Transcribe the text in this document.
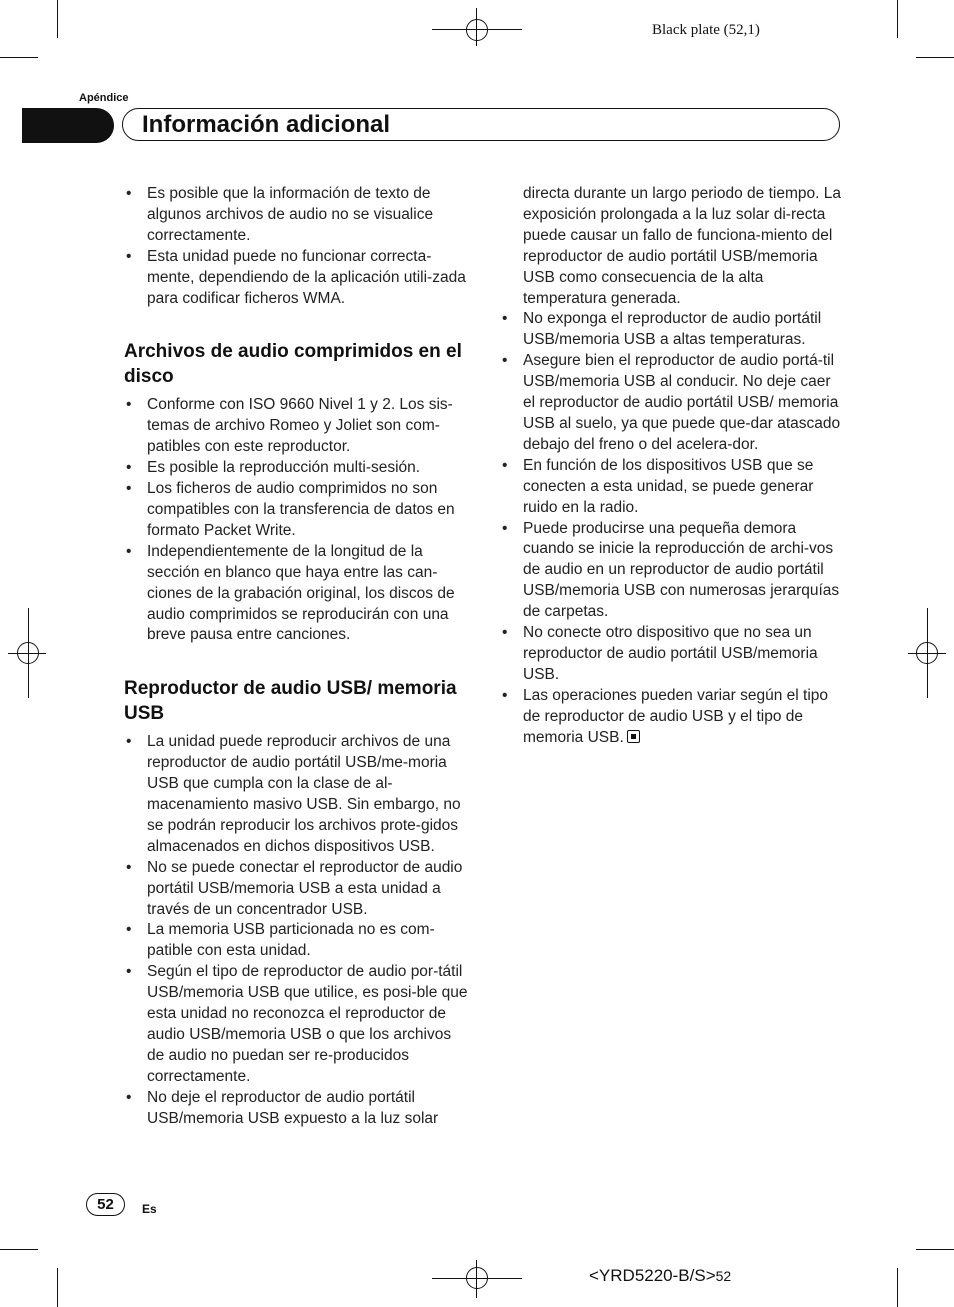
Black plate (52,1)
Apéndice
Información adicional
• Es posible que la información de texto de algunos archivos de audio no se visualice correctamente.
• Esta unidad puede no funcionar correcta-mente, dependiendo de la aplicación utili-zada para codificar ficheros WMA.
Archivos de audio comprimidos en el disco
• Conforme con ISO 9660 Nivel 1 y 2. Los sis-temas de archivo Romeo y Joliet son com-patibles con este reproductor.
• Es posible la reproducción multi-sesión.
• Los ficheros de audio comprimidos no son compatibles con la transferencia de datos en formato Packet Write.
• Independientemente de la longitud de la sección en blanco que haya entre las can-ciones de la grabación original, los discos de audio comprimidos se reproducirán con una breve pausa entre canciones.
Reproductor de audio USB/ memoria USB
• La unidad puede reproducir archivos de una reproductor de audio portátil USB/me-moria USB que cumpla con la clase de al-macenamiento masivo USB. Sin embargo, no se podrán reproducir los archivos prote-gidos almacenados en dichos dispositivos USB.
• No se puede conectar el reproductor de audio portátil USB/memoria USB a esta unidad a través de un concentrador USB.
• La memoria USB particionada no es com-patible con esta unidad.
• Según el tipo de reproductor de audio por-tátil USB/memoria USB que utilice, es posi-ble que esta unidad no reconozca el reproductor de audio USB/memoria USB o que los archivos de audio no puedan ser re-producidos correctamente.
• No deje el reproductor de audio portátil USB/memoria USB expuesto a la luz solar
directa durante un largo periodo de tiempo. La exposición prolongada a la luz solar di-recta puede causar un fallo de funciona-miento del reproductor de audio portátil USB/memoria USB como consecuencia de la alta temperatura generada.
• No exponga el reproductor de audio portátil USB/memoria USB a altas temperaturas.
• Asegure bien el reproductor de audio portá-til USB/memoria USB al conducir. No deje caer el reproductor de audio portátil USB/ memoria USB al suelo, ya que puede que-dar atascado debajo del freno o del acelera-dor.
• En función de los dispositivos USB que se conecten a esta unidad, se puede generar ruido en la radio.
• Puede producirse una pequeña demora cuando se inicie la reproducción de archi-vos de audio en un reproductor de audio portátil USB/memoria USB con numerosas jerarquías de carpetas.
• No conecte otro dispositivo que no sea un reproductor de audio portátil USB/memoria USB.
• Las operaciones pueden variar según el tipo de reproductor de audio USB y el tipo de memoria USB.
52	Es
<YRD5220-B/S>52
